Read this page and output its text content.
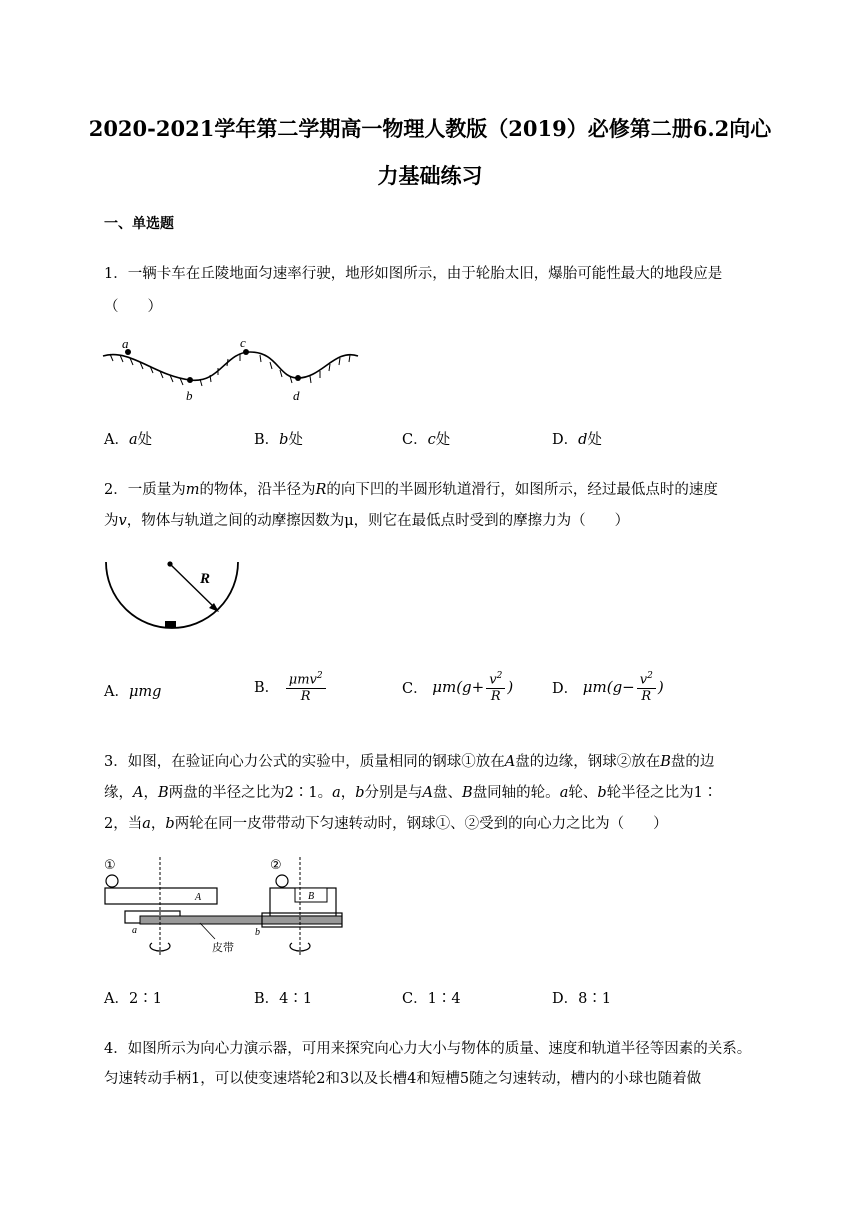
2020-2021学年第二学期高一物理人教版（2019）必修第二册6.2向心
力基础练习
一、单选题
1．一辆卡车在丘陵地面匀速率行驶，地形如图所示，由于轮胎太旧，爆胎可能性最大的地段应是
（　　）
a
b
c
d
A．a处	B．b处	C．c处	D．d处
2．一质量为m的物体，沿半径为R的向下凹的半圆形轨道滑行，如图所示，经过最低点时的速度
为v，物体与轨道之间的动摩擦因数为μ，则它在最低点时受到的摩擦力为（　　）
R
A．μmg	B． $\frac{\mu mv^2}{R}$	C． $\mu m(g+ \frac{v^2}{R}$ )	D． $\mu m(g- \frac{v^2}{R}$ )
3．如图，在验证向心力公式的实验中，质量相同的钢球①放在A盘的边缘，钢球②放在B盘的边
缘，A，B两盘的半径之比为2∶1。a，b分别是与A盘、B盘同轴的轮。a轮、b轮半径之比为1∶
2，当a，b两轮在同一皮带带动下匀速转动时，钢球①、②受到的向心力之比为（　　）
①
A
②
B
a	b
皮带
A．2∶1	B．4∶1	C．1∶4	D．8∶1
4．如图所示为向心力演示器，可用来探究向心力大小与物体的质量、速度和轨道半径等因素的关系。
匀速转动手柄1，可以使变速塔轮2和3以及长槽4和短槽5随之匀速转动，槽内的小球也随着做
